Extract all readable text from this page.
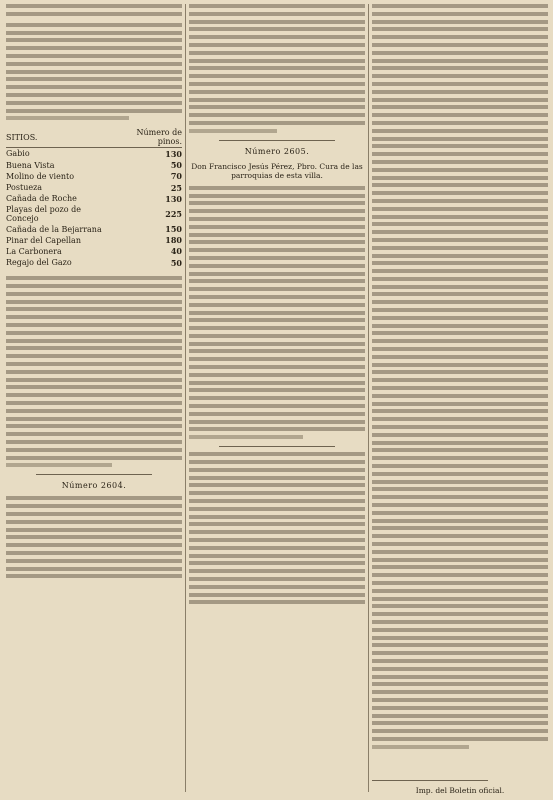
SITIOS.	Número de pinos.
Gabio	130
Buena Vista	50
Molino de viento	70
Postueza	25
Cañada de Roche	130
Playas del pozo de Concejo	225
Cañada de la Bejarrana	150
Pinar del Capellan	180
La Carbonera	40
Regajo del Gazo	50
Número 2604.
Número 2605.
Don Francisco Jesús Pérez, Pbro. Cura de las parroquias de esta villa.
Imp. del Boletin oficial.
